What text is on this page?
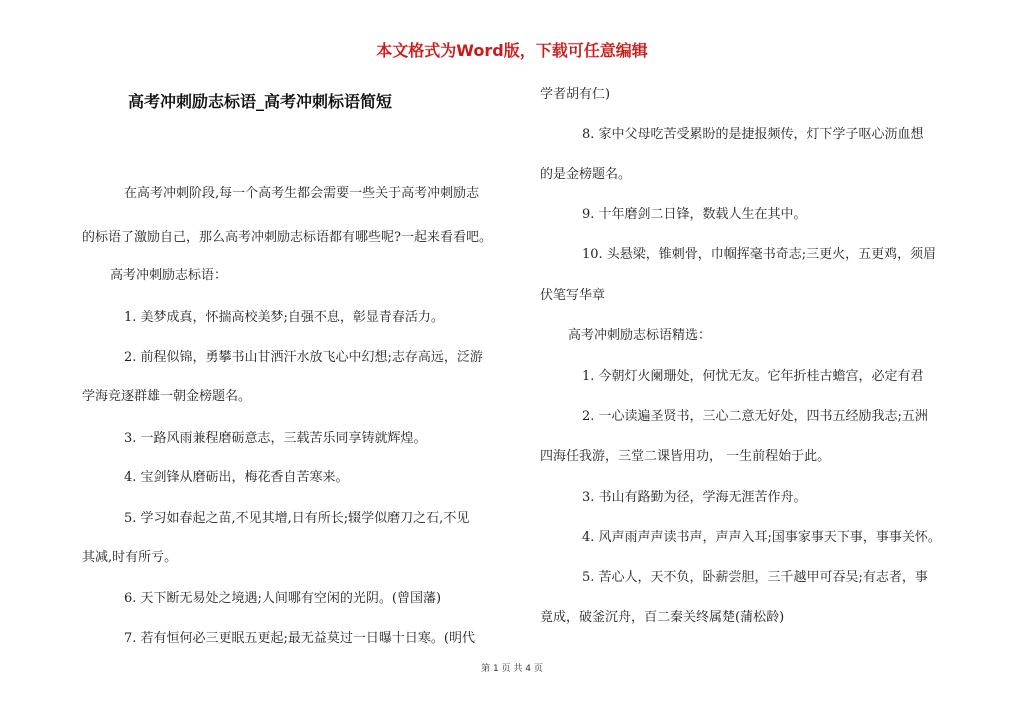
本文格式为Word版，下载可任意编辑
高考冲刺励志标语_高考冲刺标语简短
在高考冲刺阶段,每一个高考生都会需要一些关于高考冲刺励志
的标语了激励自己，那么高考冲刺励志标语都有哪些呢?一起来看看吧。
高考冲刺励志标语：
1. 美梦成真，怀揣高校美梦;自强不息，彰显青春活力。
2. 前程似锦，勇攀书山甘洒汗水放飞心中幻想;志存高远，泛游
学海竞逐群雄一朝金榜题名。
3. 一路风雨兼程磨砺意志，三载苦乐同享铸就辉煌。
4. 宝剑锋从磨砺出，梅花香自苦寒来。
5. 学习如春起之苗,不见其增,日有所长;辍学似磨刀之石,不见
其减,时有所亏。
6. 天下断无易处之境遇;人间哪有空闲的光阴。(曾国藩)
7. 若有恒何必三更眠五更起;最无益莫过一日曝十日寒。(明代
学者胡有仁)
8. 家中父母吃苦受累盼的是捷报频传，灯下学子呕心沥血想
的是金榜题名。
9. 十年磨剑二日锋，数载人生在其中。
10. 头悬梁，锥刺骨，巾帼挥毫书奇志;三更火，五更鸡，须眉
伏笔写华章
高考冲刺励志标语精选：
1. 今朝灯火阑珊处，何忧无友。它年折桂古蟾宫，必定有君
2. 一心读遍圣贤书，三心二意无好处，四书五经励我志;五洲
四海任我游，三堂二课皆用功， 一生前程始于此。
3. 书山有路勤为径，学海无涯苦作舟。
4. 风声雨声声读书声，声声入耳;国事家事天下事，事事关怀。
5. 苦心人，天不负，卧薪尝胆，三千越甲可吞吴;有志者，事
竟成，破釜沉舟，百二秦关终属楚(蒲松龄)
第 1 页 共 4 页
